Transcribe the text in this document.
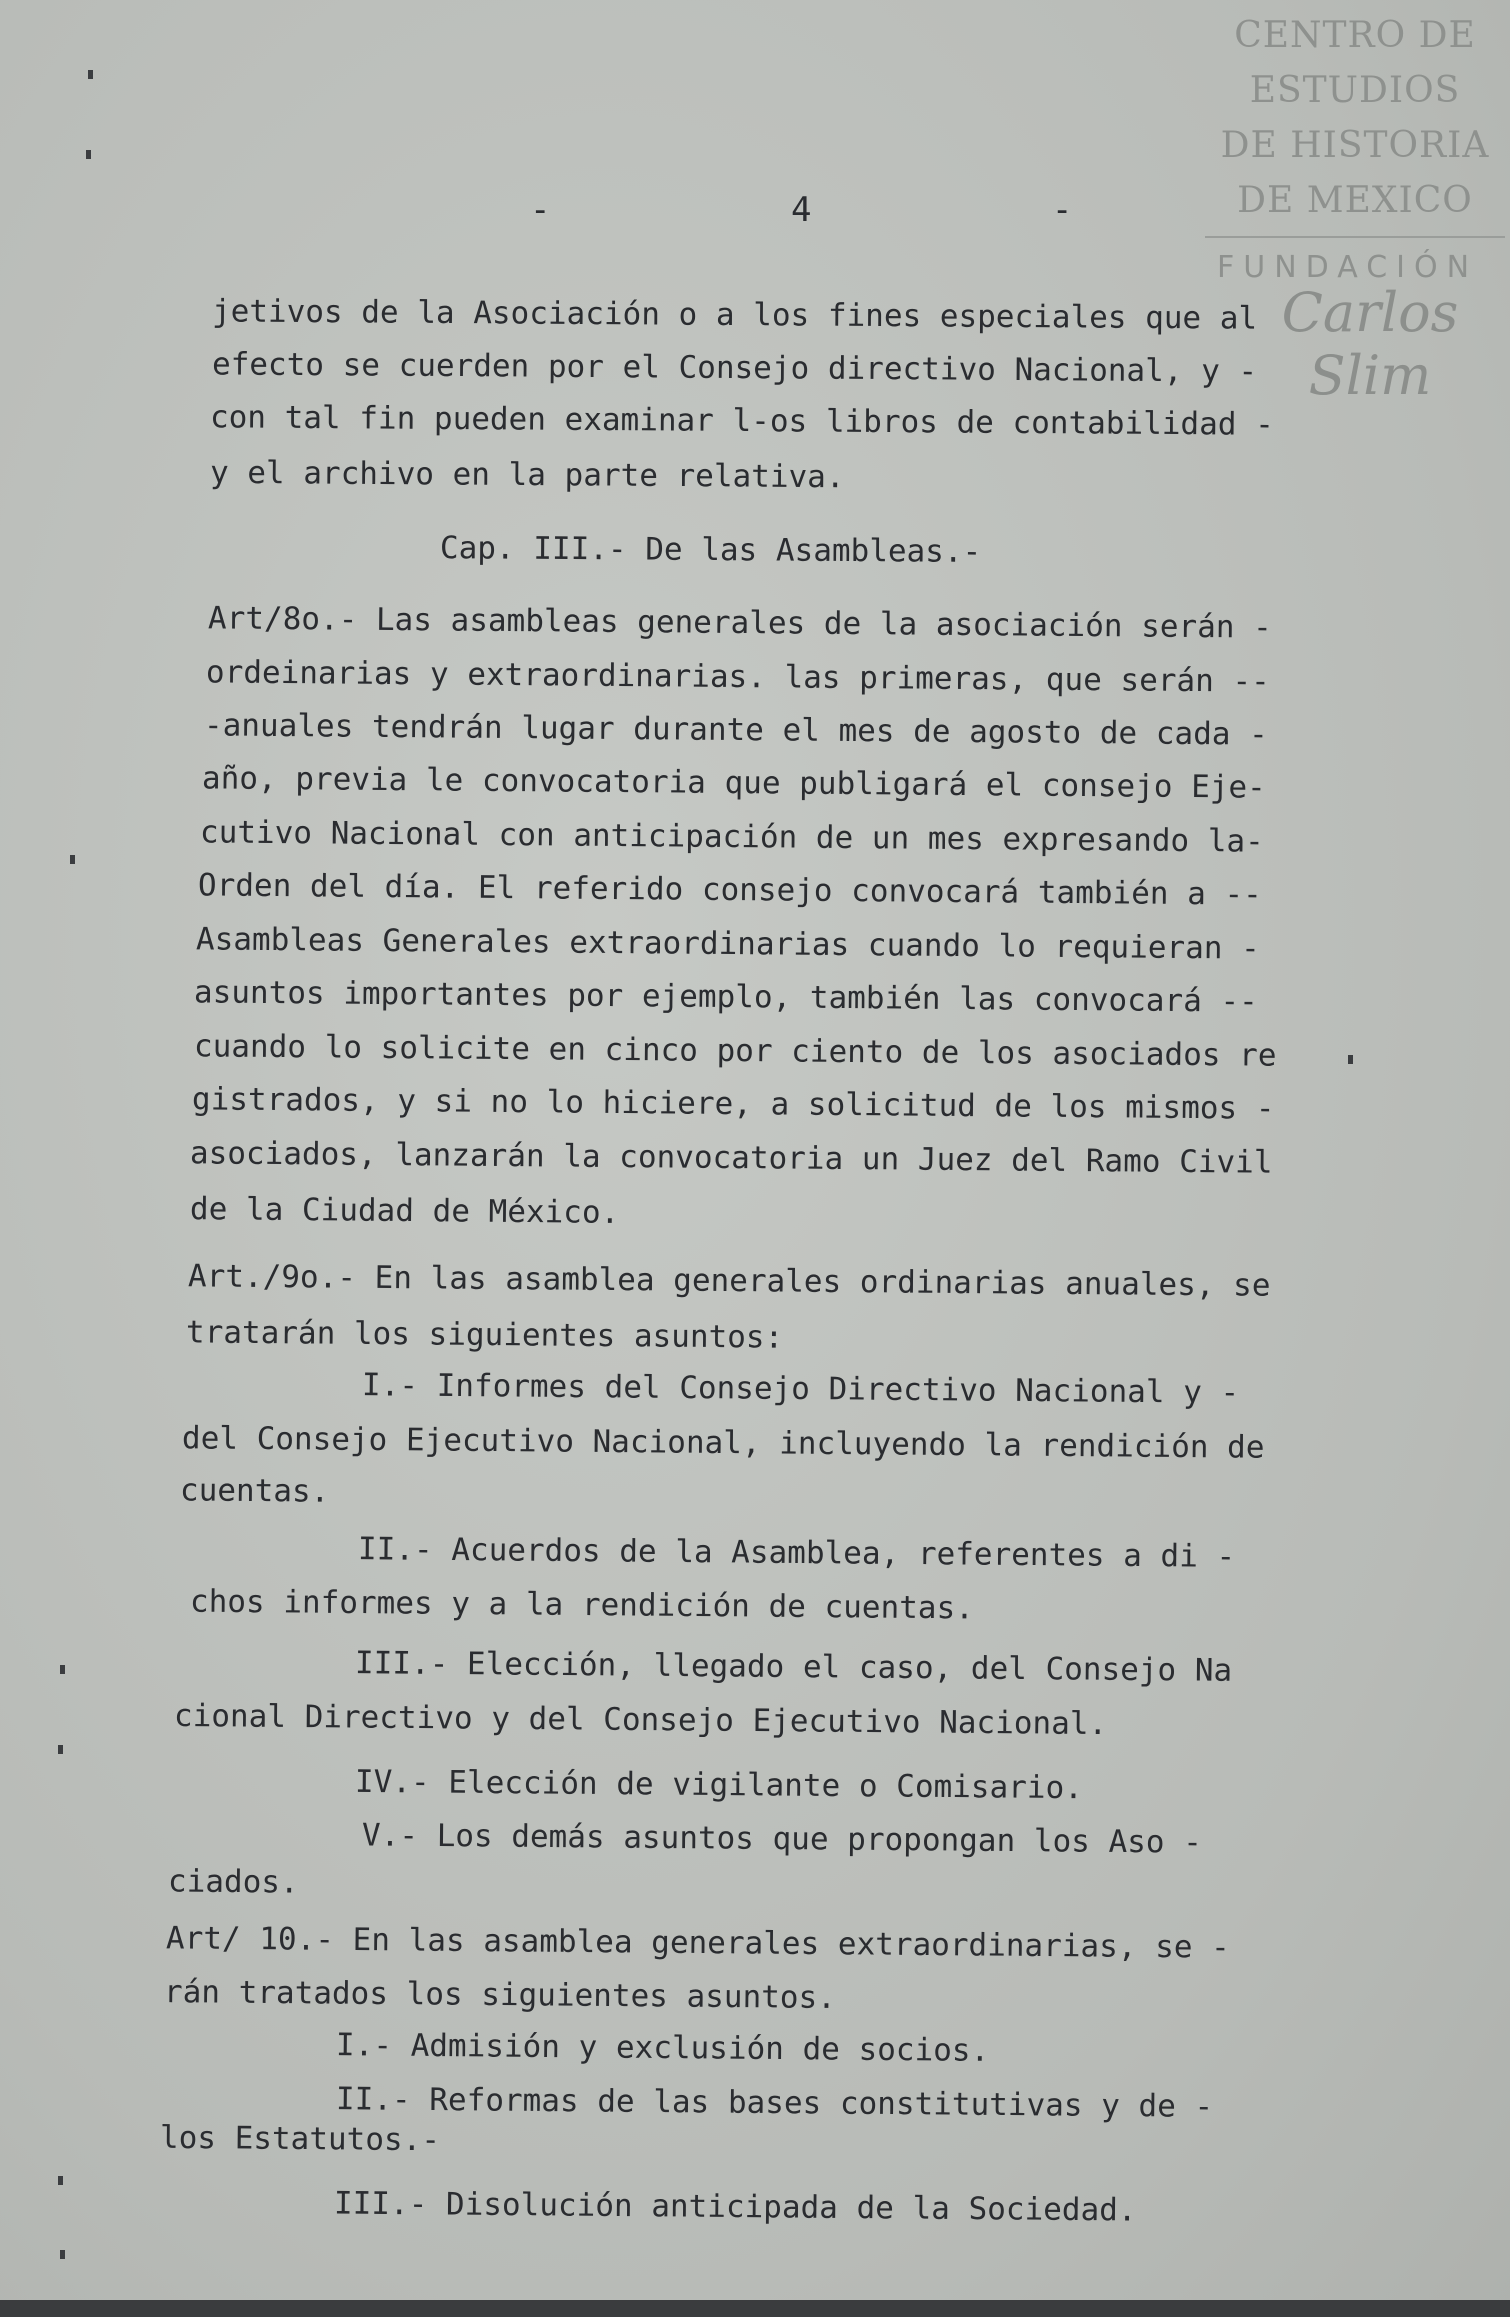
CENTRO DE
ESTUDIOS
DE HISTORIA
DE MEXICO
FUNDACIÓN
Carlos Slim
- 4 -
jetivos de la Asociación o a los fines especiales que al
efecto se cuerden por el Consejo directivo Nacional, y -
con tal fin pueden examinar l-os libros de contabilidad -
y el archivo en la parte relativa.
Cap. III.- De las Asambleas.-
Art/8o.- Las asambleas generales de la asociación serán -
ordeinarias y extraordinarias. las primeras, que serán --
-anuales tendrán lugar durante el mes de agosto de cada -
año, previa le convocatoria que publigará el consejo Eje-
cutivo Nacional con anticipación de un mes expresando la-
Orden del día. El referido consejo convocará también a --
Asambleas Generales extraordinarias cuando lo requieran -
asuntos importantes por ejemplo, también las convocará --
cuando lo solicite en cinco por ciento de los asociados re
gistrados, y si no lo hiciere, a solicitud de los mismos -
asociados, lanzarán la convocatoria un Juez del Ramo Civil
de la Ciudad de México.
Art./9o.- En las asamblea generales ordinarias anuales, se
tratarán los siguientes asuntos:
I.- Informes del Consejo Directivo Nacional y -
del Consejo Ejecutivo Nacional, incluyendo la rendición de
cuentas.
II.- Acuerdos de la Asamblea, referentes a di -
chos informes y a la rendición de cuentas.
III.- Elección, llegado el caso, del Consejo Na
cional Directivo y del Consejo Ejecutivo Nacional.
IV.- Elección de vigilante o Comisario.
V.- Los demás asuntos que propongan los Aso -
ciados.
Art/ 10.- En las asamblea generales extraordinarias, se -
rán tratados los siguientes asuntos.
I.- Admisión y exclusión de socios.
II.- Reformas de las bases constitutivas y de -
los Estatutos.-
III.- Disolución anticipada de la Sociedad.
